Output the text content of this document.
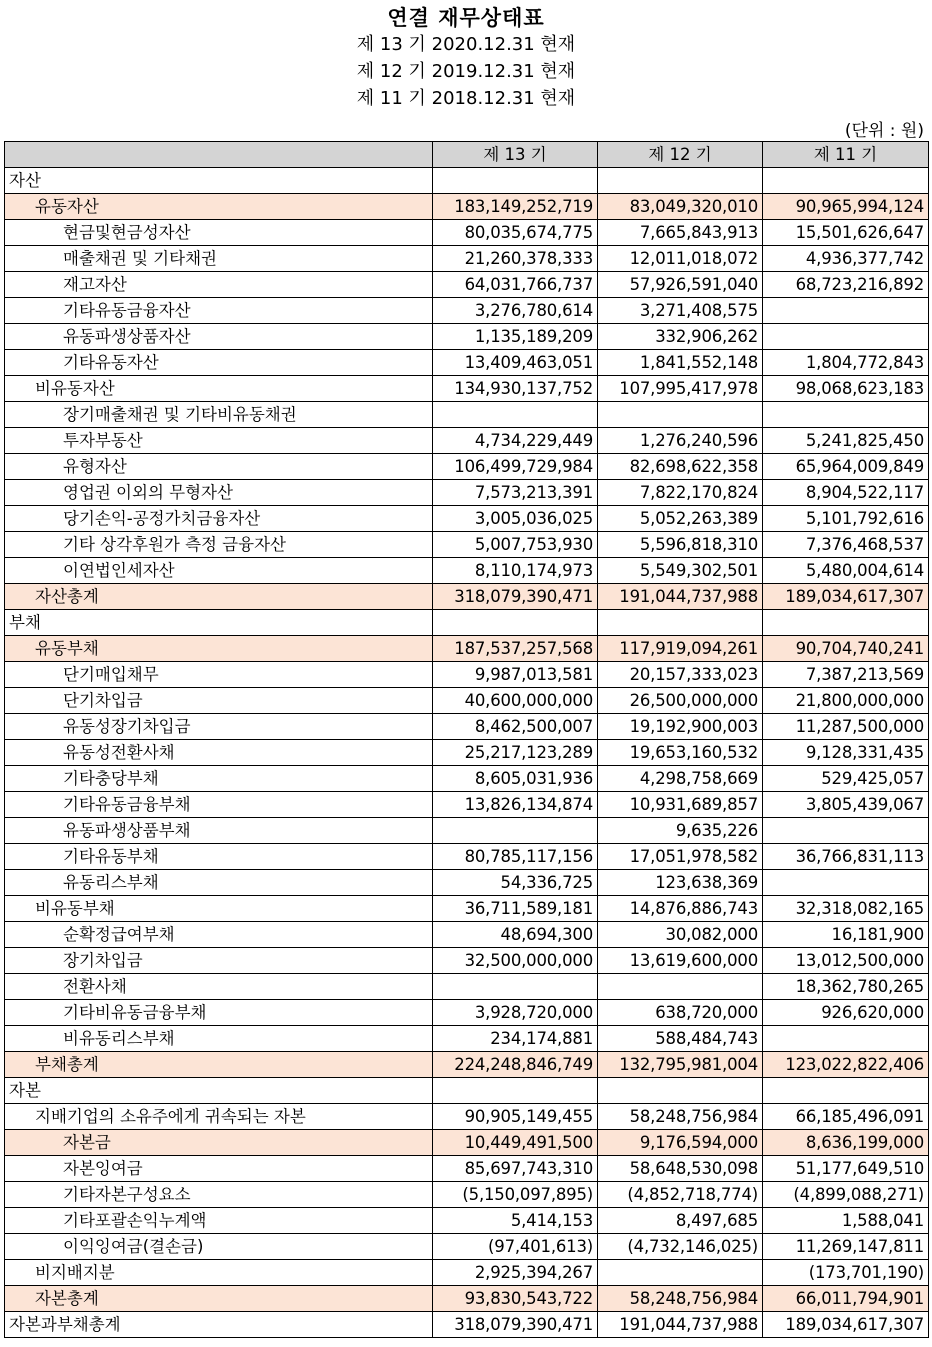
연결 재무상태표
제 13 기 2020.12.31 현재
제 12 기 2019.12.31 현재
제 11 기 2018.12.31 현재
(단위 : 원)
	제 13 기	제 12 기	제 11 기
자산			
유동자산	183,149,252,719	83,049,320,010	90,965,994,124
현금및현금성자산	80,035,674,775	7,665,843,913	15,501,626,647
매출채권 및 기타채권	21,260,378,333	12,011,018,072	4,936,377,742
재고자산	64,031,766,737	57,926,591,040	68,723,216,892
기타유동금융자산	3,276,780,614	3,271,408,575	
유동파생상품자산	1,135,189,209	332,906,262	
기타유동자산	13,409,463,051	1,841,552,148	1,804,772,843
비유동자산	134,930,137,752	107,995,417,978	98,068,623,183
장기매출채권 및 기타비유동채권			
투자부동산	4,734,229,449	1,276,240,596	5,241,825,450
유형자산	106,499,729,984	82,698,622,358	65,964,009,849
영업권 이외의 무형자산	7,573,213,391	7,822,170,824	8,904,522,117
당기손익-공정가치금융자산	3,005,036,025	5,052,263,389	5,101,792,616
기타 상각후원가 측정 금융자산	5,007,753,930	5,596,818,310	7,376,468,537
이연법인세자산	8,110,174,973	5,549,302,501	5,480,004,614
자산총계	318,079,390,471	191,044,737,988	189,034,617,307
부채			
유동부채	187,537,257,568	117,919,094,261	90,704,740,241
단기매입채무	9,987,013,581	20,157,333,023	7,387,213,569
단기차입금	40,600,000,000	26,500,000,000	21,800,000,000
유동성장기차입금	8,462,500,007	19,192,900,003	11,287,500,000
유동성전환사채	25,217,123,289	19,653,160,532	9,128,331,435
기타충당부채	8,605,031,936	4,298,758,669	529,425,057
기타유동금융부채	13,826,134,874	10,931,689,857	3,805,439,067
유동파생상품부채		9,635,226	
기타유동부채	80,785,117,156	17,051,978,582	36,766,831,113
유동리스부채	54,336,725	123,638,369	
비유동부채	36,711,589,181	14,876,886,743	32,318,082,165
순확정급여부채	48,694,300	30,082,000	16,181,900
장기차입금	32,500,000,000	13,619,600,000	13,012,500,000
전환사채			18,362,780,265
기타비유동금융부채	3,928,720,000	638,720,000	926,620,000
비유동리스부채	234,174,881	588,484,743	
부채총계	224,248,846,749	132,795,981,004	123,022,822,406
자본			
지배기업의 소유주에게 귀속되는 자본	90,905,149,455	58,248,756,984	66,185,496,091
자본금	10,449,491,500	9,176,594,000	8,636,199,000
자본잉여금	85,697,743,310	58,648,530,098	51,177,649,510
기타자본구성요소	(5,150,097,895)	(4,852,718,774)	(4,899,088,271)
기타포괄손익누계액	5,414,153	8,497,685	1,588,041
이익잉여금(결손금)	(97,401,613)	(4,732,146,025)	11,269,147,811
비지배지분	2,925,394,267		(173,701,190)
자본총계	93,830,543,722	58,248,756,984	66,011,794,901
자본과부채총계	318,079,390,471	191,044,737,988	189,034,617,307
